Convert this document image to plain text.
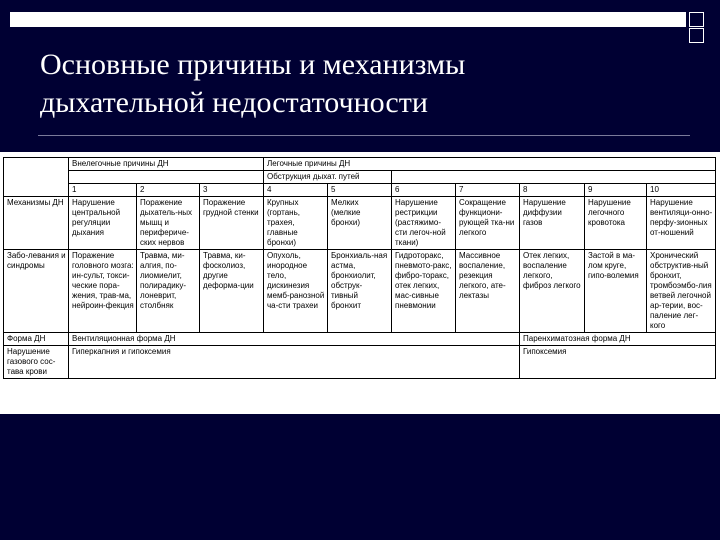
Основные причины и механизмы
дыхательной недостаточности
	Внелегочные причины ДН			Легочные причины ДН						
				Обструкция дыхат. путей						
	1	2	3	4	5	6	7	8	9	10
Механизмы ДН	Нарушение центральной регуляции дыхания	Поражение дыхатель-ных мышц и перифериче-ских нервов	Поражение грудной стенки	Крупных (гортань, трахея, главные бронхи)	Мелких (мелкие бронхи)	Нарушение рестрикции (растяжимо-сти легоч-ной ткани)	Сокращение функциони-рующей тка-ни легкого	Нарушение диффузии газов	Нарушение легочного кровотока	Нарушение вентиляци-онно-перфу-зионных от-ношений
Забо-левания и синдромы	Поражение головного мозга: ин-сульт, токси-ческие пора-жения, трав-ма, нейроин-фекция	Травма, ми-алгия, по-лиомиелит, полирадику-лоневрит, столбняк	Травма, ки-фосколиоз, другие деформа-ции	Опухоль, инородное тело, дискинезия мемб-ранозной ча-сти трахеи	Бронхиаль-ная астма, бронхиолит, обструк-тивный бронхит	Гидроторакс, пневмото-ракс, фибро-торакс, отек легких, мас-сивные пневмонии	Массивное воспаление, резекция легкого, ате-лектазы	Отек легких, воспаление легкого, фиброз легкого	Застой в ма-лом круге, гипо-волемия	Хронический обструктив-ный бронхит, тромбоэмбо-лия ветвей легочной ар-терии, вос-паление лег-кого
Форма ДН	Вентиляционная форма ДН							Паренхиматозная форма ДН		
Нарушение газового сос-тава крови	Гиперкапния и гипоксемия							Гипоксемия		
